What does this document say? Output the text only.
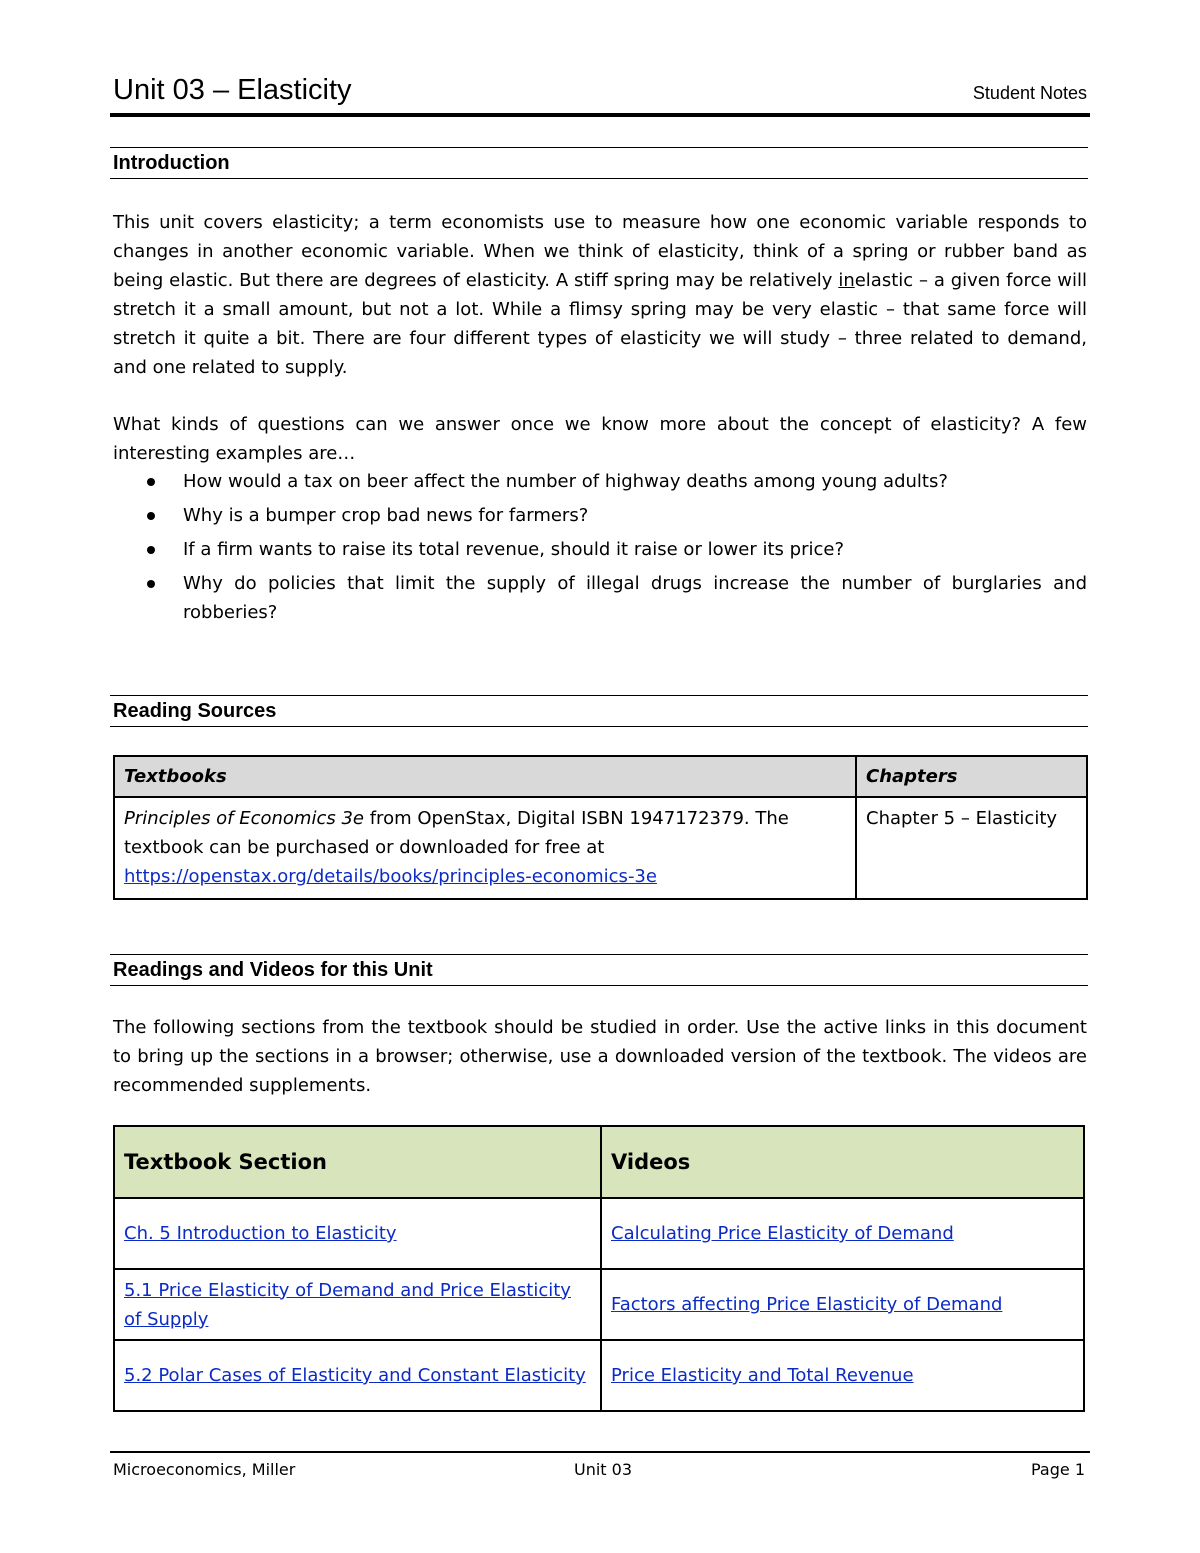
Unit 03 – Elasticity	Student Notes
Introduction

This unit covers elasticity; a term economists use to measure how one economic variable responds to changes in another economic variable. When we think of elasticity, think of a spring or rubber band as being elastic. But there are degrees of elasticity. A stiff spring may be relatively inelastic – a given force will stretch it a small amount, but not a lot. While a flimsy spring may be very elastic – that same force will stretch it quite a bit. There are four different types of elasticity we will study – three related to demand, and one related to supply.

What kinds of questions can we answer once we know more about the concept of elasticity? A few interesting examples are…

How would a tax on beer affect the number of highway deaths among young adults?
Why is a bumper crop bad news for farmers?
If a firm wants to raise its total revenue, should it raise or lower its price?
Why do policies that limit the supply of illegal drugs increase the number of burglaries and robberies?
Reading Sources
Textbooks	Chapters
Principles of Economics 3e from OpenStax, Digital ISBN 1947172379. The textbook can be purchased or downloaded for free at
https://openstax.org/details/books/principles-economics-3e	Chapter 5 – Elasticity
Readings and Videos for this Unit

The following sections from the textbook should be studied in order. Use the active links in this document to bring up the sections in a browser; otherwise, use a downloaded version of the textbook. The videos are recommended supplements.

Textbook Section	Videos
Ch. 5 Introduction to Elasticity	Calculating Price Elasticity of Demand
5.1 Price Elasticity of Demand and Price Elasticity of Supply	Factors affecting Price Elasticity of Demand
5.2 Polar Cases of Elasticity and Constant Elasticity	Price Elasticity and Total Revenue
Microeconomics, Miller	Unit 03	Page 1
